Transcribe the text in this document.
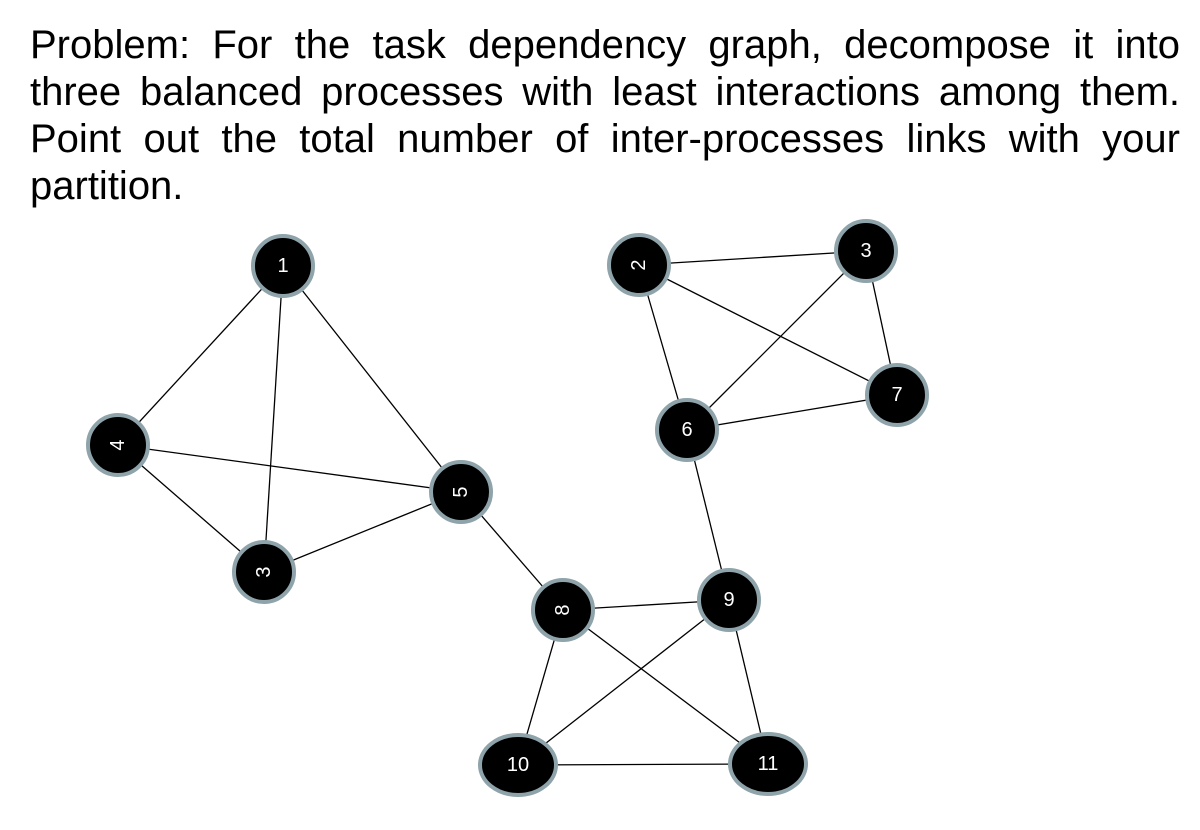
Problem: For the task dependency graph, decompose it into three balanced processes with least interactions among them. Point out the total number of inter-processes links with your partition.

1	2
3
4
3
5
6
7
8	9
10	11
